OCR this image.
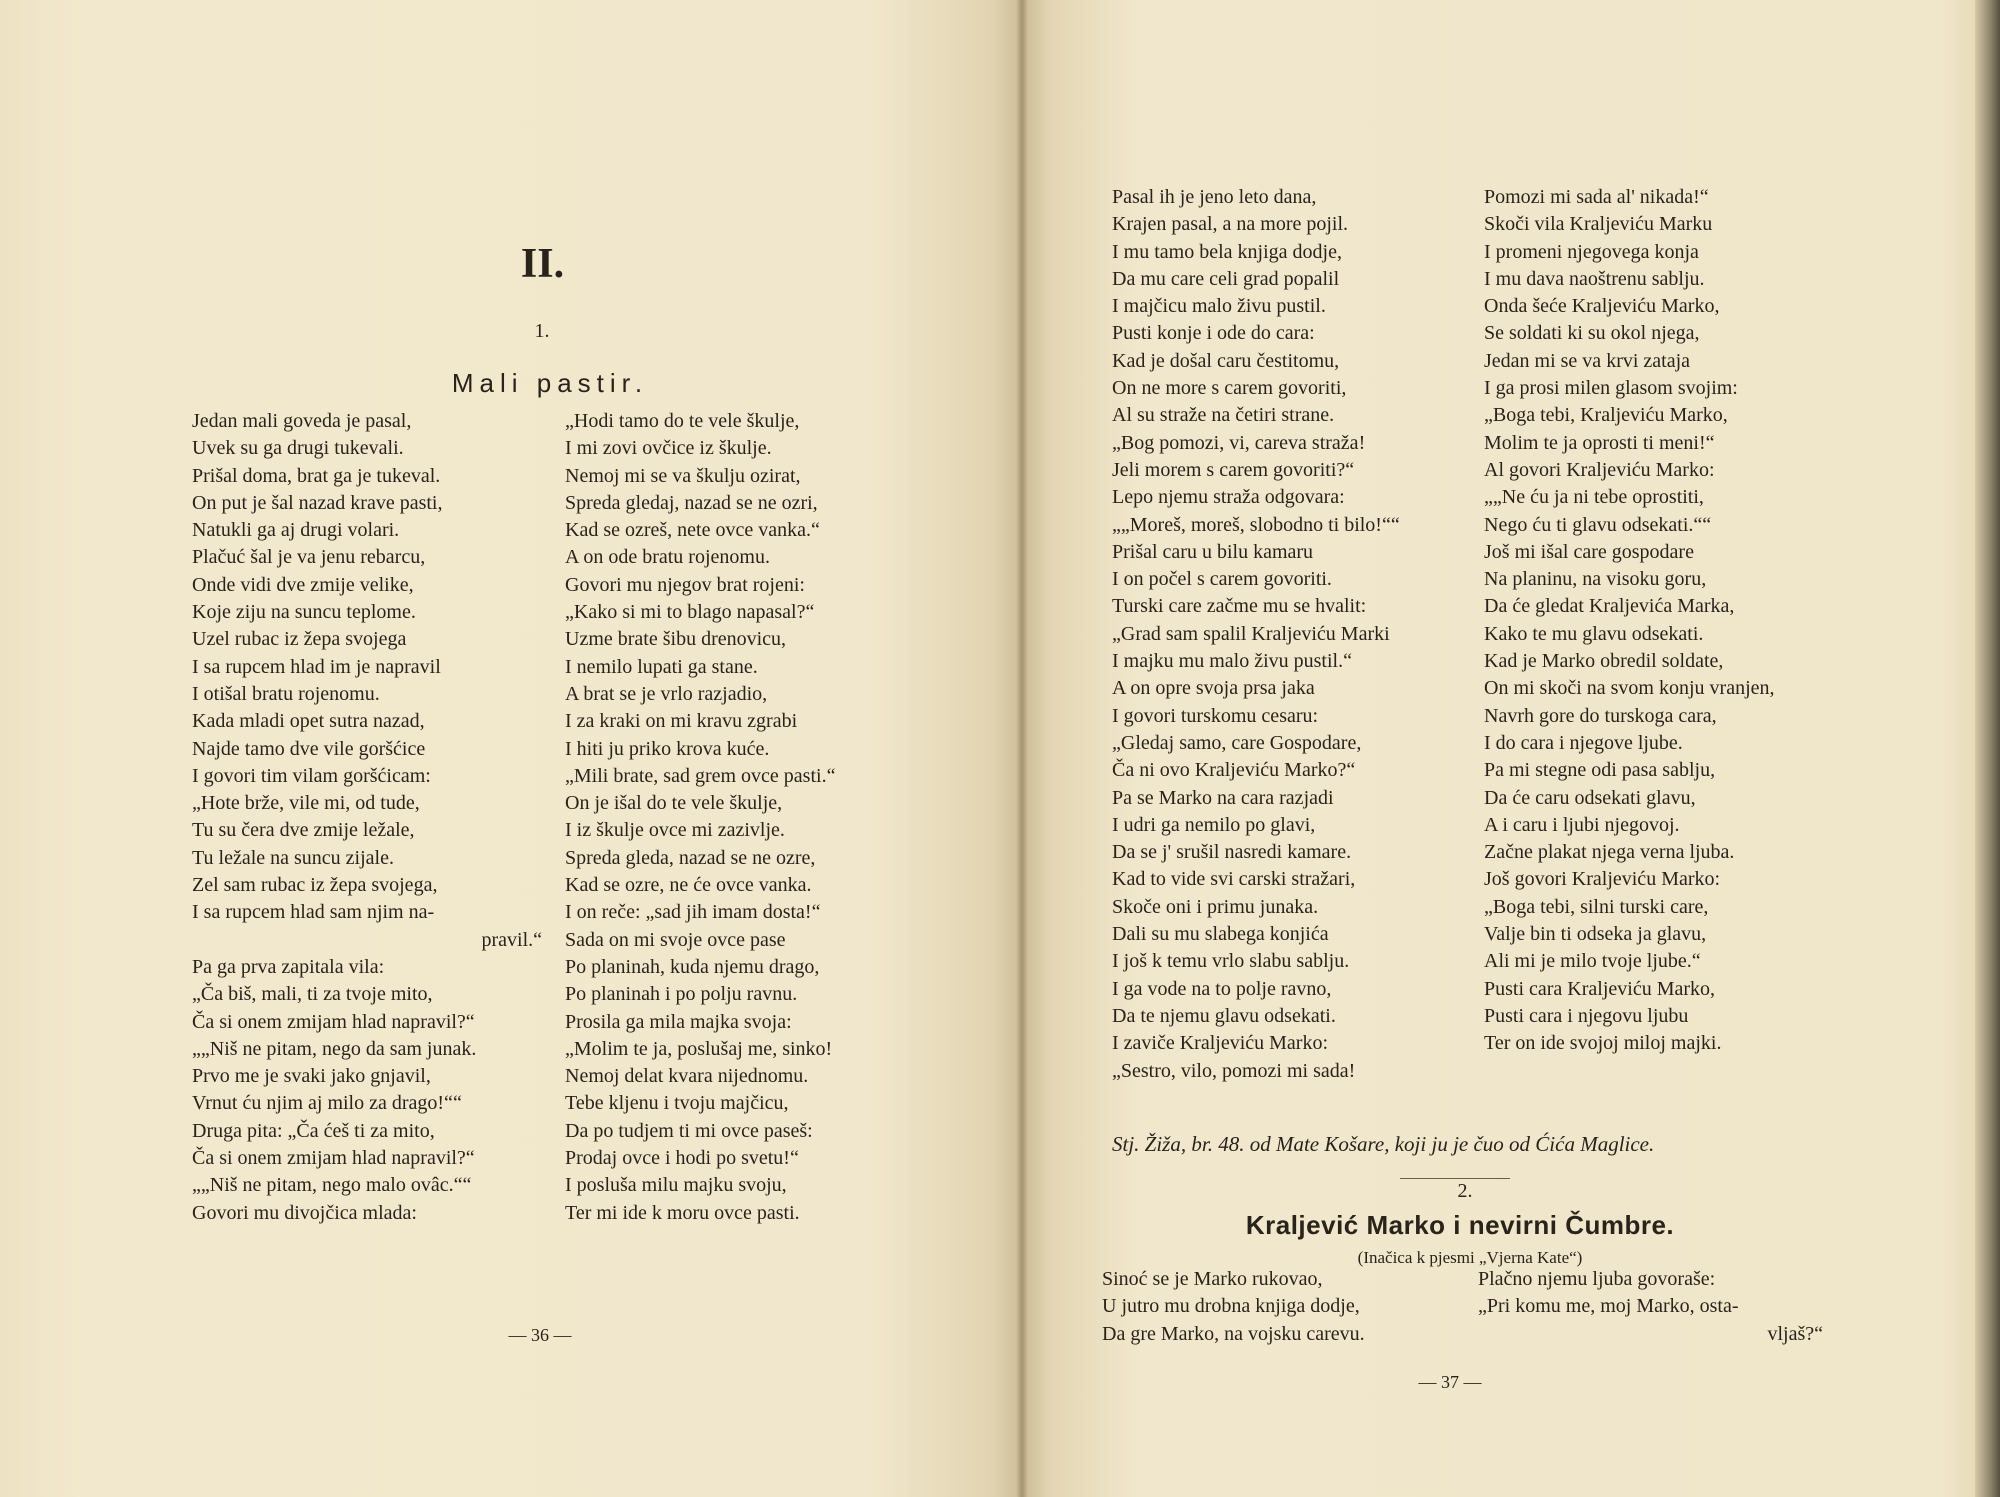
II.
1.
Mali pastir.
Jedan mali goveda je pasal,
Uvek su ga drugi tukevali.
Prišal doma, brat ga je tukeval.
On put je šal nazad krave pasti,
Natukli ga aj drugi volari.
Plačuć šal je va jenu rebarcu,
Onde vidi dve zmije velike,
Koje ziju na suncu teplome.
Uzel rubac iz žepa svojega
I sa rupcem hlad im je napravil
I otišal bratu rojenomu.
Kada mladi opet sutra nazad,
Najde tamo dve vile goršćice
I govori tim vilam goršćicam:
„Hote brže, vile mi, od tude,
Tu su čera dve zmije ležale,
Tu ležale na suncu zijale.
Zel sam rubac iz žepa svojega,
I sa rupcem hlad sam njim na-
pravil.“
Pa ga prva zapitala vila:
„Ča biš, mali, ti za tvoje mito,
Ča si onem zmijam hlad napravil?“
„„Niš ne pitam, nego da sam junak.
Prvo me je svaki jako gnjavil,
Vrnut ću njim aj milo za drago!““
Druga pita: „Ča ćeš ti za mito,
Ča si onem zmijam hlad napravil?“
„„Niš ne pitam, nego malo ovâc.““
Govori mu divojčica mlada:
„Hodi tamo do te vele škulje,
I mi zovi ovčice iz škulje.
Nemoj mi se va škulju ozirat,
Spreda gledaj, nazad se ne ozri,
Kad se ozreš, nete ovce vanka.“
A on ode bratu rojenomu.
Govori mu njegov brat rojeni:
„Kako si mi to blago napasal?“
Uzme brate šibu drenovicu,
I nemilo lupati ga stane.
A brat se je vrlo razjadio,
I za kraki on mi kravu zgrabi
I hiti ju priko krova kuće.
„Mili brate, sad grem ovce pasti.“
On je išal do te vele škulje,
I iz škulje ovce mi zazivlje.
Spreda gleda, nazad se ne ozre,
Kad se ozre, ne će ovce vanka.
I on reče: „sad jih imam dosta!“
Sada on mi svoje ovce pase
Po planinah, kuda njemu drago,
Po planinah i po polju ravnu.
Prosila ga mila majka svoja:
„Molim te ja, poslušaj me, sinko!
Nemoj delat kvara nijednomu.
Tebe kljenu i tvoju majčicu,
Da po tudjem ti mi ovce paseš:
Prodaj ovce i hodi po svetu!“
I posluša milu majku svoju,
Ter mi ide k moru ovce pasti.
— 36 —
Pasal ih je jeno leto dana,
Krajen pasal, a na more pojil.
I mu tamo bela knjiga dodje,
Da mu care celi grad popalil
I majčicu malo živu pustil.
Pusti konje i ode do cara:
Kad je došal caru čestitomu,
On ne more s carem govoriti,
Al su straže na četiri strane.
„Bog pomozi, vi, careva straža!
Jeli morem s carem govoriti?“
Lepo njemu straža odgovara:
„„Moreš, moreš, slobodno ti bilo!““
Prišal caru u bilu kamaru
I on počel s carem govoriti.
Turski care začme mu se hvalit:
„Grad sam spalil Kraljeviću Marki
I majku mu malo živu pustil.“
A on opre svoja prsa jaka
I govori turskomu cesaru:
„Gledaj samo, care Gospodare,
Ča ni ovo Kraljeviću Marko?“
Pa se Marko na cara razjadi
I udri ga nemilo po glavi,
Da se j' srušil nasredi kamare.
Kad to vide svi carski stražari,
Skoče oni i primu junaka.
Dali su mu slabega konjića
I još k temu vrlo slabu sablju.
I ga vode na to polje ravno,
Da te njemu glavu odsekati.
I zaviče Kraljeviću Marko:
„Sestro, vilo, pomozi mi sada!
Pomozi mi sada al' nikada!“
Skoči vila Kraljeviću Marku
I promeni njegovega konja
I mu dava naoštrenu sablju.
Onda šeće Kraljeviću Marko,
Se soldati ki su okol njega,
Jedan mi se va krvi zataja
I ga prosi milen glasom svojim:
„Boga tebi, Kraljeviću Marko,
Molim te ja oprosti ti meni!“
Al govori Kraljeviću Marko:
„„Ne ću ja ni tebe oprostiti,
Nego ću ti glavu odsekati.““
Još mi išal care gospodare
Na planinu, na visoku goru,
Da će gledat Kraljevića Marka,
Kako te mu glavu odsekati.
Kad je Marko obredil soldate,
On mi skoči na svom konju vranjen,
Navrh gore do turskoga cara,
I do cara i njegove ljube.
Pa mi stegne odi pasa sablju,
Da će caru odsekati glavu,
A i caru i ljubi njegovoj.
Začne plakat njega verna ljuba.
Još govori Kraljeviću Marko:
„Boga tebi, silni turski care,
Valje bin ti odseka ja glavu,
Ali mi je milo tvoje ljube.“
Pusti cara Kraljeviću Marko,
Pusti cara i njegovu ljubu
Ter on ide svojoj miloj majki.
Stj. Žiža, br. 48. od Mate Košare, koji ju je čuo od Ćića Maglice.
2.
Kraljević Marko i nevirni Čumbre.
(Inačica k pjesmi „Vjerna Kate“)
Sinoć se je Marko rukovao,
U jutro mu drobna knjiga dodje,
Da gre Marko, na vojsku carevu.
Plačno njemu ljuba govoraše:
„Pri komu me, moj Marko, osta-
vljaš?“
— 37 —
